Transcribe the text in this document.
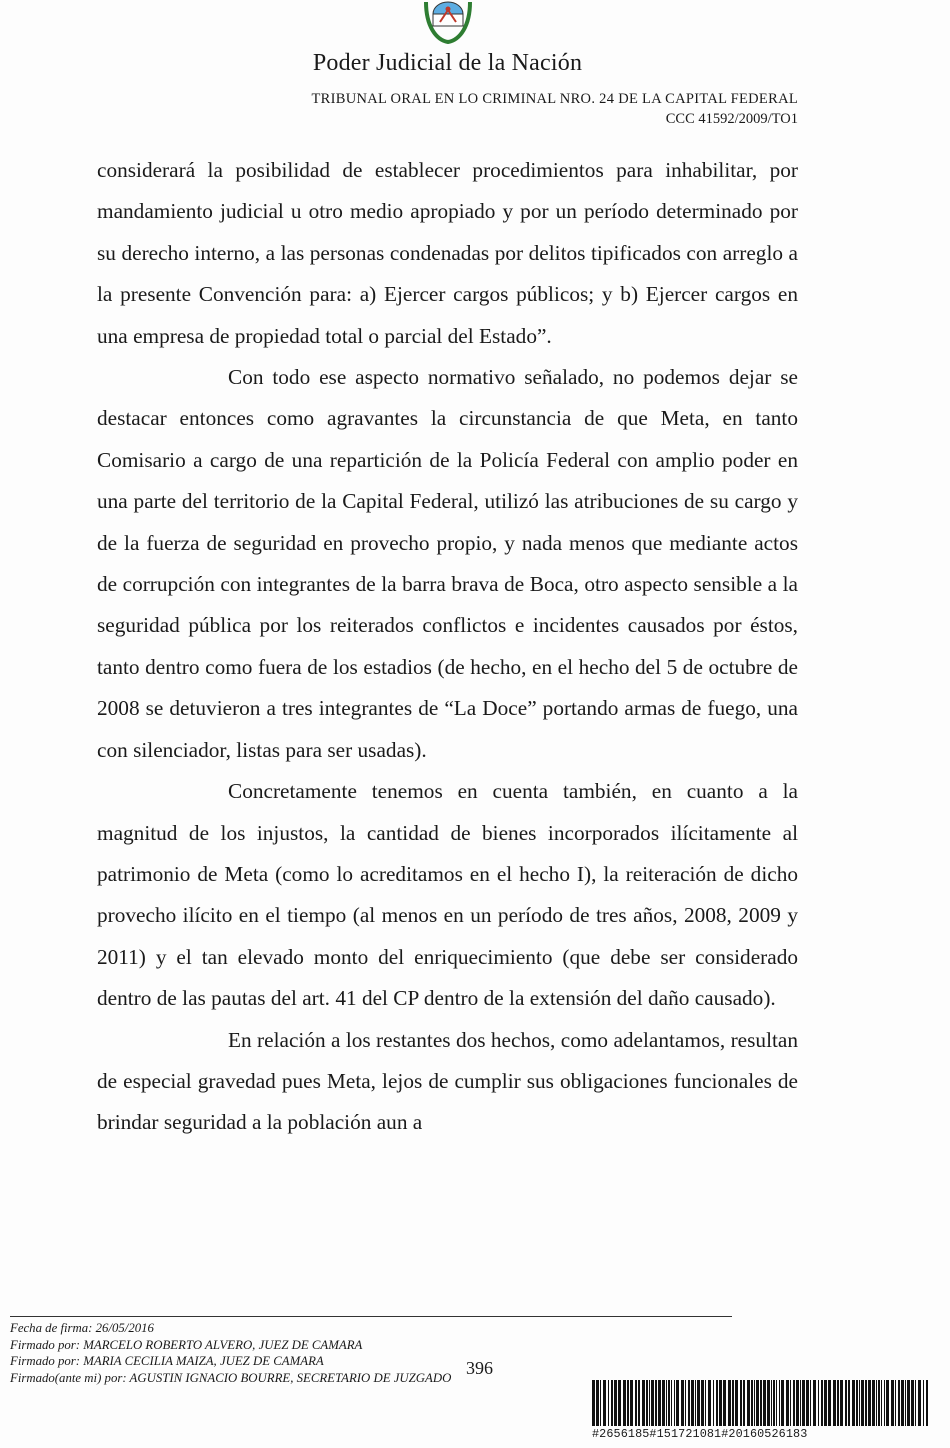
Poder Judicial de la Nación
TRIBUNAL ORAL EN LO CRIMINAL NRO. 24 DE LA CAPITAL FEDERAL
CCC 41592/2009/TO1

considerará la posibilidad de establecer procedimientos para inhabilitar, por mandamiento judicial u otro medio apropiado y por un período determinado por su derecho interno, a las personas condenadas por delitos tipificados con arreglo a la presente Convención para: a) Ejercer cargos públicos; y b) Ejercer cargos en una empresa de propiedad total o parcial del Estado”.

Con todo ese aspecto normativo señalado, no podemos dejar se destacar entonces como agravantes la circunstancia de que Meta, en tanto Comisario a cargo de una repartición de la Policía Federal con amplio poder en una parte del territorio de la Capital Federal, utilizó las atribuciones de su cargo y de la fuerza de seguridad en provecho propio, y nada menos que mediante actos de corrupción con integrantes de la barra brava de Boca, otro aspecto sensible a la seguridad pública por los reiterados conflictos e incidentes causados por éstos, tanto dentro como fuera de los estadios (de hecho, en el hecho del 5 de octubre de 2008 se detuvieron a tres integrantes de “La Doce” portando armas de fuego, una con silenciador, listas para ser usadas).

Concretamente tenemos en cuenta también, en cuanto a la magnitud de los injustos, la cantidad de bienes incorporados ilícitamente al patrimonio de Meta (como lo acreditamos en el hecho I), la reiteración de dicho provecho ilícito en el tiempo (al menos en un período de tres años, 2008, 2009 y 2011) y el tan elevado monto del enriquecimiento (que debe ser considerado dentro de las pautas del art. 41 del CP dentro de la extensión del daño causado).

En relación a los restantes dos hechos, como adelantamos, resultan de especial gravedad pues Meta, lejos de cumplir sus obligaciones funcionales de brindar seguridad a la población aun a

Fecha de firma: 26/05/2016
Firmado por: MARCELO ROBERTO ALVERO, JUEZ DE CAMARA
Firmado por: MARIA CECILIA MAIZA, JUEZ DE CAMARA
Firmado(ante mi) por: AGUSTIN IGNACIO BOURRE, SECRETARIO DE JUZGADO 396
#2656185#151721081#20160526183
